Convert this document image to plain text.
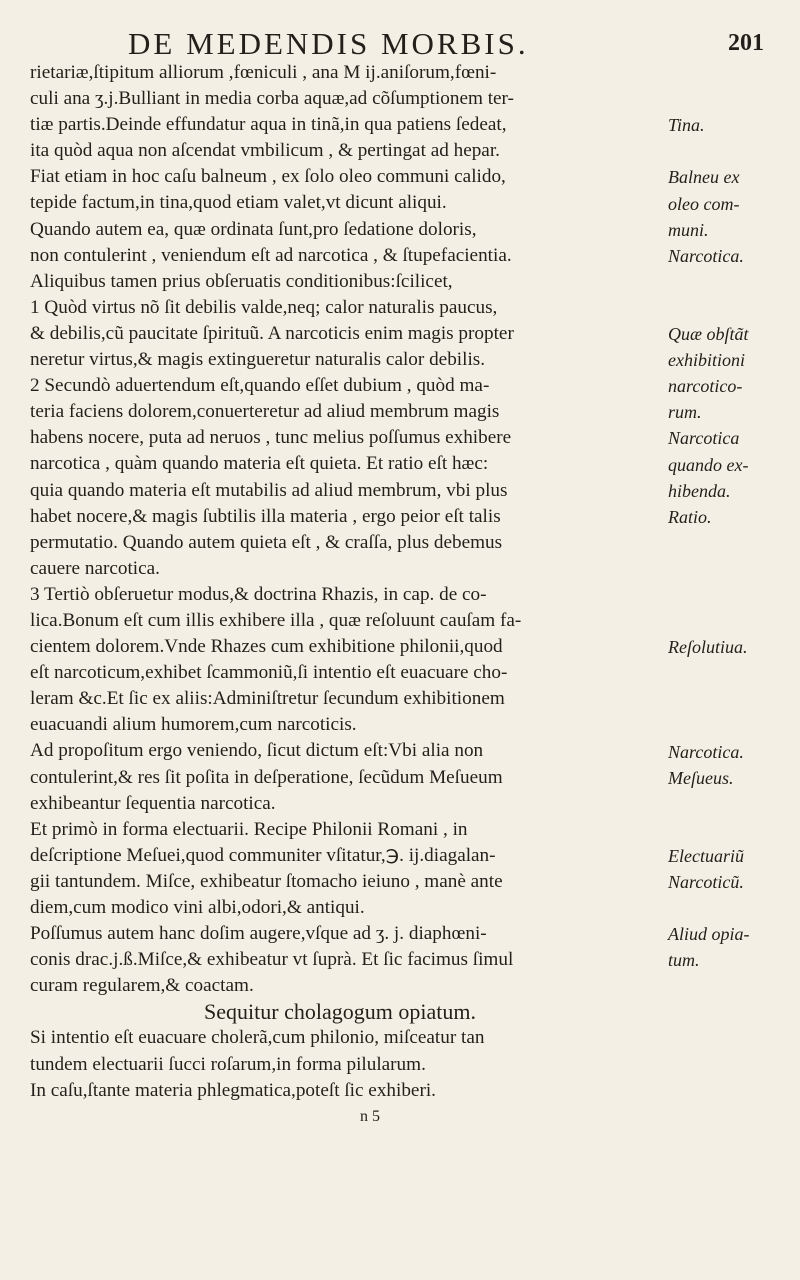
DE MEDENDIS MORBIS.	201
rietariæ,ſtipitum alliorum ,fœniculi , ana M ij.aniſorum,fœni-
culi ana ʒ.j.Bulliant in media corba aquæ,ad cõſumptionem ter-
tiæ partis.Deinde effundatur aqua in tinã,in qua patiens ſedeat,
ita quòd aqua non aſcendat vmbilicum , & pertingat ad hepar.
Fiat etiam in hoc caſu balneum , ex ſolo oleo communi calido,
tepide factum,in tina,quod etiam valet,vt dicunt aliqui.
Quando autem ea, quæ ordinata ſunt,pro ſedatione doloris,
non contulerint , veniendum eſt ad narcotica , & ſtupefacientia.
Aliquibus tamen prius obſeruatis conditionibus:ſcilicet,
1 Quòd virtus nõ ſit debilis valde,neq; calor naturalis paucus,
& debilis,cũ paucitate ſpirituũ. A narcoticis enim magis propter
neretur virtus,& magis extingueretur naturalis calor debilis.
2 Secundò aduertendum eſt,quando eſſet dubium , quòd ma-
teria faciens dolorem,conuerteretur ad aliud membrum magis
habens nocere, puta ad neruos , tunc melius poſſumus exhibere
narcotica , quàm quando materia eſt quieta. Et ratio eſt hæc:
quia quando materia eſt mutabilis ad aliud membrum, vbi plus
habet nocere,& magis ſubtilis illa materia , ergo peior eſt talis
permutatio. Quando autem quieta eſt , & craſſa, plus debemus
cauere narcotica.
3 Tertiò obſeruetur modus,& doctrina Rhazis, in cap. de co-
lica.Bonum eſt cum illis exhibere illa , quæ reſoluunt cauſam fa-
cientem dolorem.Vnde Rhazes cum exhibitione philonii,quod
eſt narcoticum,exhibet ſcammoniũ,ſi intentio eſt euacuare cho-
leram &c.Et ſic ex aliis:Adminiſtretur ſecundum exhibitionem
euacuandi alium humorem,cum narcoticis.
Ad propoſitum ergo veniendo, ſicut dictum eſt:Vbi alia non
contulerint,& res ſit poſita in deſperatione, ſecũdum Meſueum
exhibeantur ſequentia narcotica.
Et primò in forma electuarii. Recipe Philonii Romani , in
deſcriptione Meſuei,quod communiter vſitatur,℈. ij.diagalan-
gii tantundem. Miſce, exhibeatur ſtomacho ieiuno , manè ante
diem,cum modico vini albi,odori,& antiqui.
Poſſumus autem hanc doſim augere,vſque ad ʒ. j. diaphœni-
conis drac.j.ß.Miſce,& exhibeatur vt ſuprà. Et ſic facimus ſimul
curam regularem,& coactam.
Sequitur cholagogum opiatum.
Si intentio eſt euacuare cholerã,cum philonio, miſceatur tan
tundem electuarii ſucci roſarum,in forma pilularum.
In caſu,ſtante materia phlegmatica,poteſt ſic exhiberi.
n 5
Tina.
Balneu ex
oleo com-
muni.
Narcotica.
Quæ obſtãt
exhibitioni
narcotico-
rum.
Narcotica
quando ex-
hibenda.
Ratio.
Reſolutiua.
Narcotica.
Meſueus.
Electuariũ
Narcoticũ.
Aliud opia-
tum.
